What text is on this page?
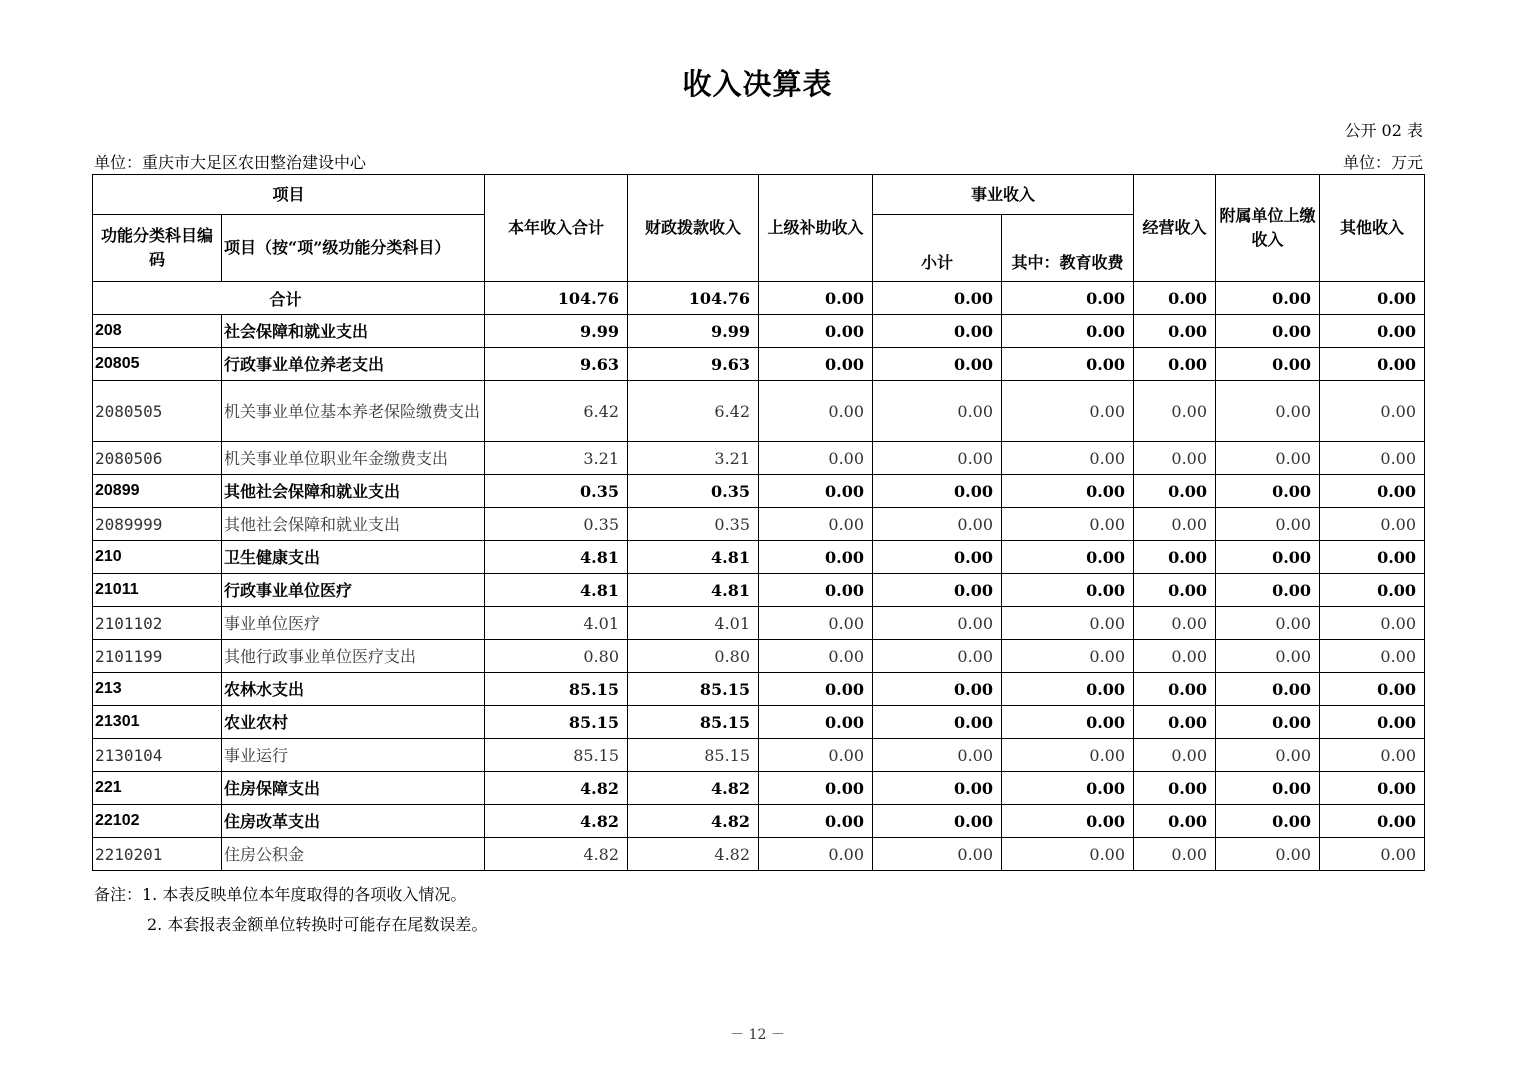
收入决算表
公开 02 表
单位：重庆市大足区农田整治建设中心	单位：万元
项目		本年收入合计	财政拨款收入	上级补助收入	事业收入		经营收入	附属单位上缴收入	其他收入
功能分类科目编码	项目（按“项”级功能分类科目）				小计	其中：教育收费			
合计		104.76	104.76	0.00	0.00	0.00	0.00	0.00	0.00
208	社会保障和就业支出	9.99	9.99	0.00	0.00	0.00	0.00	0.00	0.00
20805	行政事业单位养老支出	9.63	9.63	0.00	0.00	0.00	0.00	0.00	0.00
2080505	机关事业单位基本养老保险缴费支出	6.42	6.42	0.00	0.00	0.00	0.00	0.00	0.00
2080506	机关事业单位职业年金缴费支出	3.21	3.21	0.00	0.00	0.00	0.00	0.00	0.00
20899	其他社会保障和就业支出	0.35	0.35	0.00	0.00	0.00	0.00	0.00	0.00
2089999	其他社会保障和就业支出	0.35	0.35	0.00	0.00	0.00	0.00	0.00	0.00
210	卫生健康支出	4.81	4.81	0.00	0.00	0.00	0.00	0.00	0.00
21011	行政事业单位医疗	4.81	4.81	0.00	0.00	0.00	0.00	0.00	0.00
2101102	事业单位医疗	4.01	4.01	0.00	0.00	0.00	0.00	0.00	0.00
2101199	其他行政事业单位医疗支出	0.80	0.80	0.00	0.00	0.00	0.00	0.00	0.00
213	农林水支出	85.15	85.15	0.00	0.00	0.00	0.00	0.00	0.00
21301	农业农村	85.15	85.15	0.00	0.00	0.00	0.00	0.00	0.00
2130104	事业运行	85.15	85.15	0.00	0.00	0.00	0.00	0.00	0.00
221	住房保障支出	4.82	4.82	0.00	0.00	0.00	0.00	0.00	0.00
22102	住房改革支出	4.82	4.82	0.00	0.00	0.00	0.00	0.00	0.00
2210201	住房公积金	4.82	4.82	0.00	0.00	0.00	0.00	0.00	0.00
备注：1. 本表反映单位本年度取得的各项收入情况。
2. 本套报表金额单位转换时可能存在尾数误差。
－ 12 －
